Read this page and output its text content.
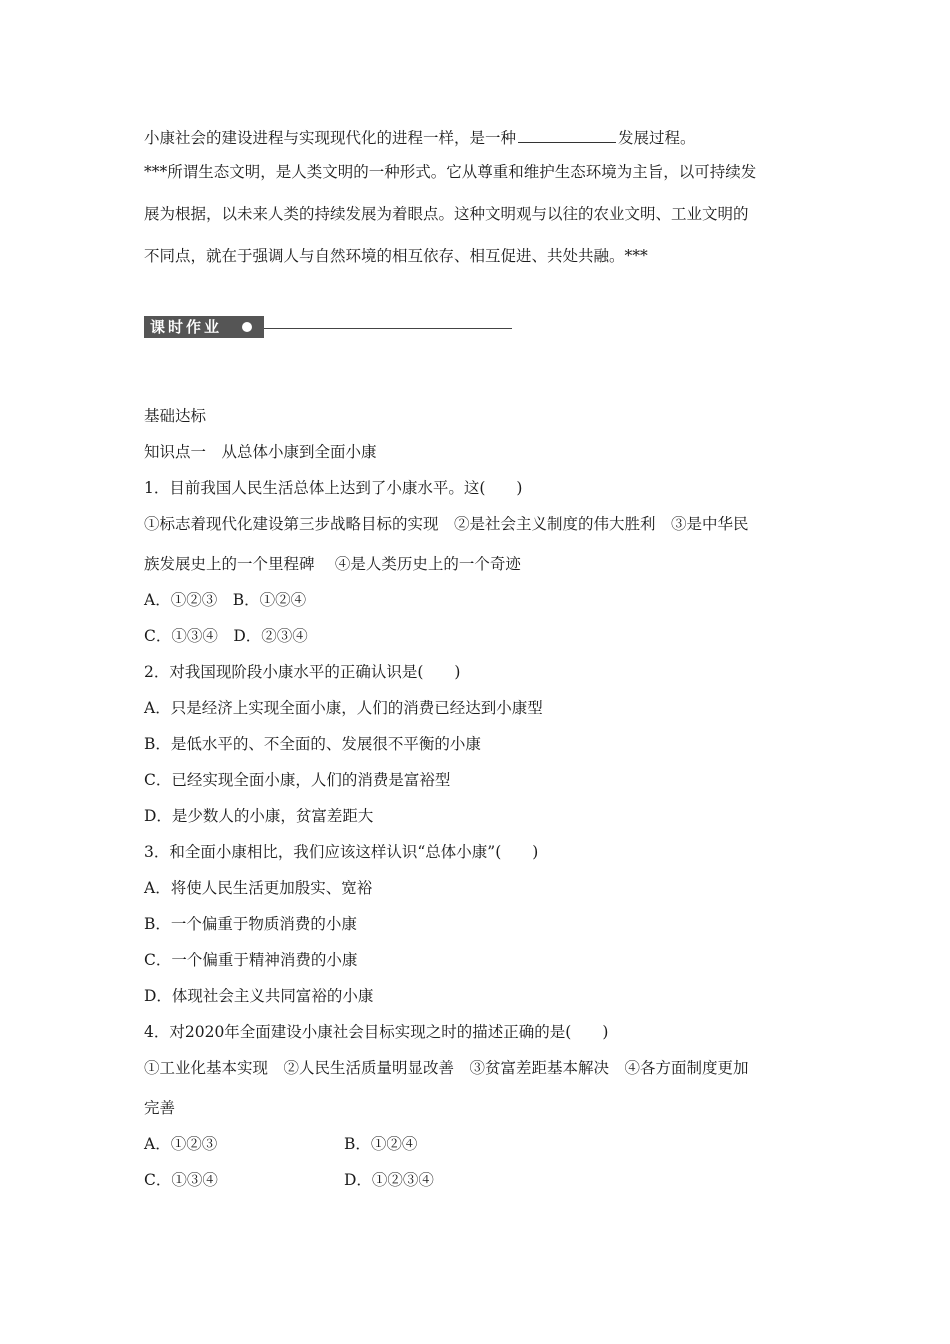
小康社会的建设进程与实现现代化的进程一样，是一种	发展过程。
***所谓生态文明，是人类文明的一种形式。它从尊重和维护生态环境为主旨，以可持续发
展为根据，以未来人类的持续发展为着眼点。这种文明观与以往的农业文明、工业文明的
不同点，就在于强调人与自然环境的相互依存、相互促进、共处共融。***
课时作业
基础达标
知识点一　从总体小康到全面小康
1．目前我国人民生活总体上达到了小康水平。这(　　)
①标志着现代化建设第三步战略目标的实现　②是社会主义制度的伟大胜利　③是中华民
族发展史上的一个里程碑　 ④是人类历史上的一个奇迹
A．①②③　B．①②④
C．①③④　D．②③④
2．对我国现阶段小康水平的正确认识是(　　)
A．只是经济上实现全面小康，人们的消费已经达到小康型
B．是低水平的、不全面的、发展很不平衡的小康
C．已经实现全面小康，人们的消费是富裕型
D．是少数人的小康，贫富差距大
3．和全面小康相比，我们应该这样认识“总体小康”(　　)
A．将使人民生活更加殷实、宽裕
B．一个偏重于物质消费的小康
C．一个偏重于精神消费的小康
D．体现社会主义共同富裕的小康
4．对2020年全面建设小康社会目标实现之时的描述正确的是(　　)
①工业化基本实现　②人民生活质量明显改善　③贫富差距基本解决　④各方面制度更加
完善
A．①②③	B．①②④
C．①③④	D．①②③④
